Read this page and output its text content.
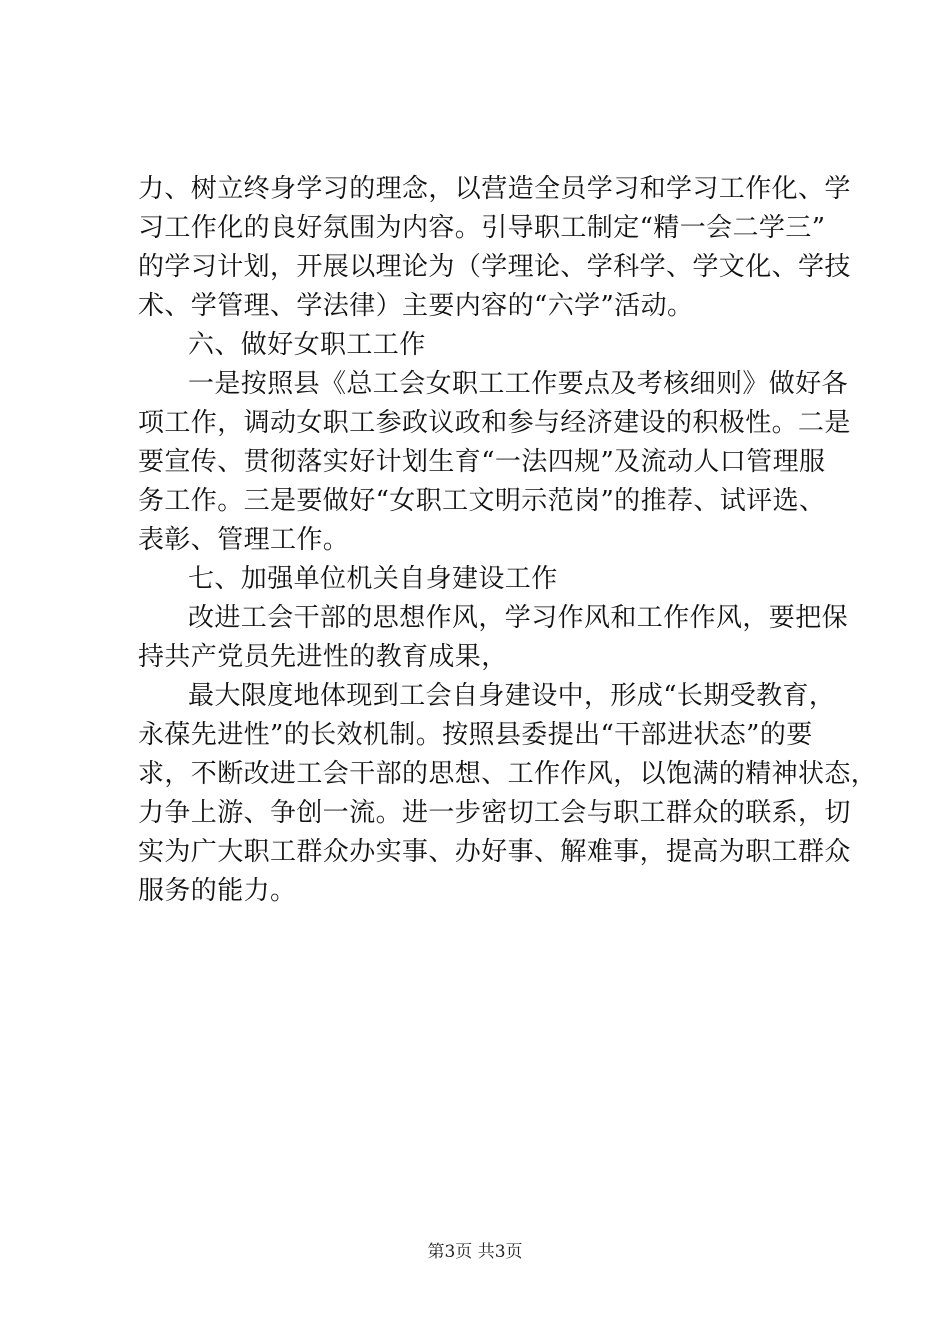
力、树立终身学习的理念，以营造全员学习和学习工作化、学
习工作化的良好氛围为内容。引导职工制定“精一会二学三”
的学习计划，开展以理论为（学理论、学科学、学文化、学技
术、学管理、学法律）主要内容的“六学”活动。
六、做好女职工工作
一是按照县《总工会女职工工作要点及考核细则》做好各
项工作，调动女职工参政议政和参与经济建设的积极性。二是
要宣传、贯彻落实好计划生育“一法四规”及流动人口管理服
务工作。三是要做好“女职工文明示范岗”的推荐、试评选、
表彰、管理工作。
七、加强单位机关自身建设工作
改进工会干部的思想作风，学习作风和工作作风，要把保
持共产党员先进性的教育成果，
最大限度地体现到工会自身建设中，形成“长期受教育，
永葆先进性”的长效机制。按照县委提出“干部进状态”的要
求，不断改进工会干部的思想、工作作风，以饱满的精神状态，
力争上游、争创一流。进一步密切工会与职工群众的联系，切
实为广大职工群众办实事、办好事、解难事，提高为职工群众
服务的能力。
第3页 共3页
